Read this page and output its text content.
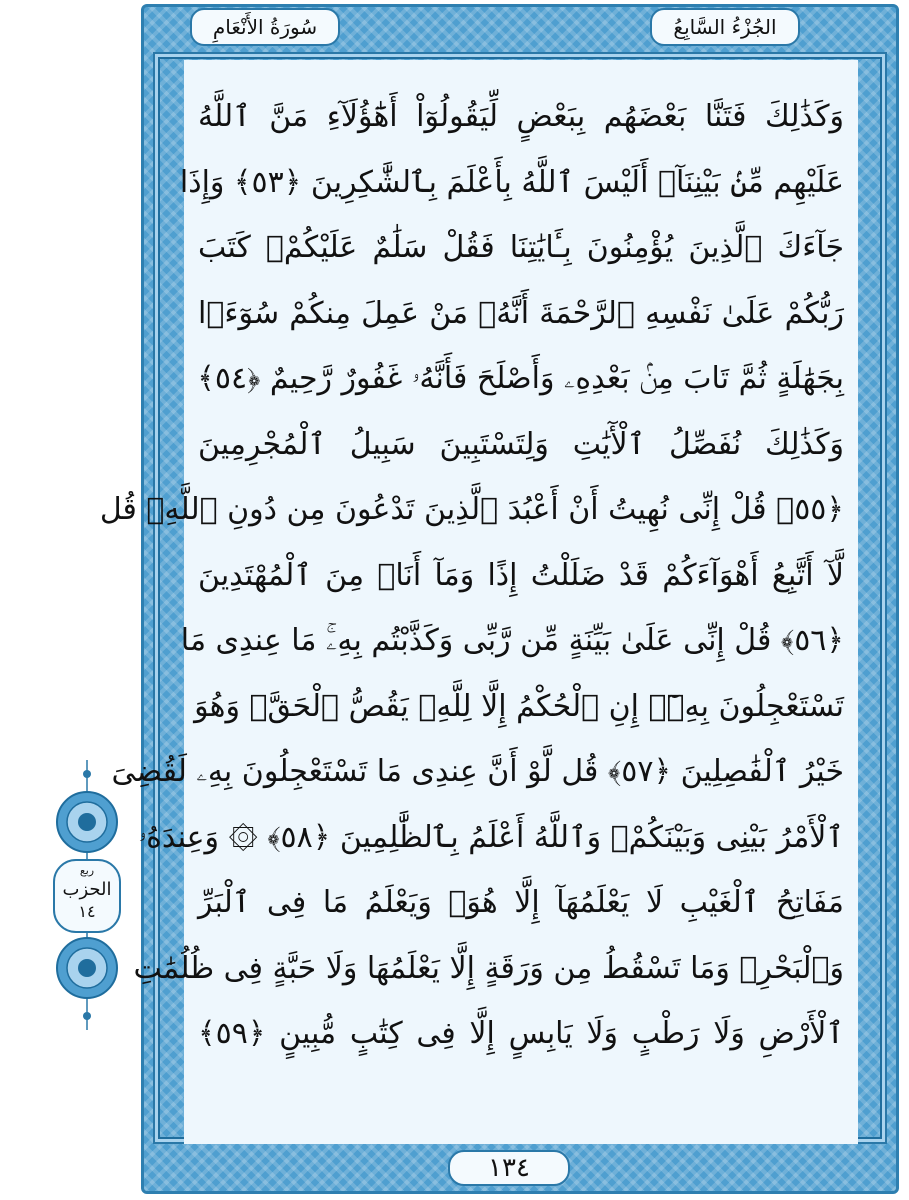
الجُزْءُ السَّابِعُ
سُورَةُ الأَنْعَامِ
وَكَذَٰلِكَ فَتَنَّا بَعْضَهُم بِبَعْضٍ لِّيَقُولُوٓاْ أَهَٰٓؤُلَآءِ مَنَّ ٱللَّهُ
عَلَيْهِم مِّنۢ بَيْنِنَآۗ أَلَيْسَ ٱللَّهُ بِأَعْلَمَ بِٱلشَّٰكِرِينَ ﴿٥٣﴾ وَإِذَا
جَآءَكَ ٱلَّذِينَ يُؤْمِنُونَ بِـَٔايَٰتِنَا فَقُلْ سَلَٰمٌ عَلَيْكُمْۖ كَتَبَ
رَبُّكُمْ عَلَىٰ نَفْسِهِ ٱلرَّحْمَةَ أَنَّهُۥ مَنْ عَمِلَ مِنكُمْ سُوٓءَۢا
بِجَهَٰلَةٍ ثُمَّ تَابَ مِنۢ بَعْدِهِۦ وَأَصْلَحَ فَأَنَّهُۥ غَفُورٌ رَّحِيمٌ ﴿٥٤﴾
وَكَذَٰلِكَ نُفَصِّلُ ٱلْأٓيَٰتِ وَلِتَسْتَبِينَ سَبِيلُ ٱلْمُجْرِمِينَ
﴿٥٥﴾ قُلْ إِنِّى نُهِيتُ أَنْ أَعْبُدَ ٱلَّذِينَ تَدْعُونَ مِن دُونِ ٱللَّهِۚ قُل
لَّآ أَتَّبِعُ أَهْوَآءَكُمْ قَدْ ضَلَلْتُ إِذًا وَمَآ أَنَا۠ مِنَ ٱلْمُهْتَدِينَ
﴿٥٦﴾ قُلْ إِنِّى عَلَىٰ بَيِّنَةٍ مِّن رَّبِّى وَكَذَّبْتُم بِهِۦۚ مَا عِندِى مَا
تَسْتَعْجِلُونَ بِهِۦٓۚ إِنِ ٱلْحُكْمُ إِلَّا لِلَّهِۖ يَقُصُّ ٱلْحَقَّۖ وَهُوَ
خَيْرُ ٱلْفَٰصِلِينَ ﴿٥٧﴾ قُل لَّوْ أَنَّ عِندِى مَا تَسْتَعْجِلُونَ بِهِۦ لَقُضِىَ
ٱلْأَمْرُ بَيْنِى وَبَيْنَكُمْۗ وَٱللَّهُ أَعْلَمُ بِٱلظَّٰلِمِينَ ﴿٥٨﴾ ۞ وَعِندَهُۥ
مَفَاتِحُ ٱلْغَيْبِ لَا يَعْلَمُهَآ إِلَّا هُوَۚ وَيَعْلَمُ مَا فِى ٱلْبَرِّ
وَٱلْبَحْرِۚ وَمَا تَسْقُطُ مِن وَرَقَةٍ إِلَّا يَعْلَمُهَا وَلَا حَبَّةٍ فِى ظُلُمَٰتِ
ٱلْأَرْضِ وَلَا رَطْبٍ وَلَا يَابِسٍ إِلَّا فِى كِتَٰبٍ مُّبِينٍ ﴿٥٩﴾
١٣٤
ربع
الحزب
١٤
